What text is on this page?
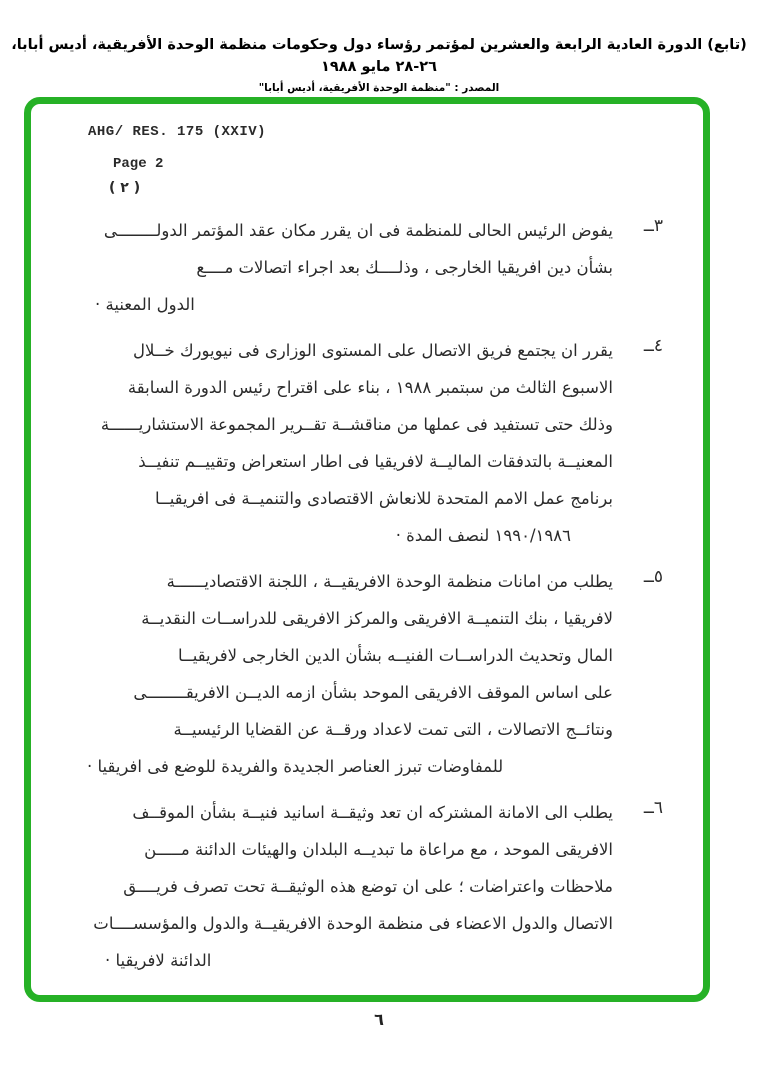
(تابع) الدورة العادية الرابعة والعشرين لمؤتمر رؤساء دول وحكومات منظمة الوحدة الأفريقية، أديس أبابا، ٢٦-٢٨ مايو ١٩٨٨
المصدر : "منظمة الوحدة الأفريقية، أديس أبابا"
AHG/ RES. 175 (XXIV)
Page 2
( ٢ )
٣ــ
يفوض الرئيس الحالى للمنظمة فى ان يقرر مكان عقد المؤتمر الدولــــــــى
بشأن دين افريقيا الخارجى ، وذلــــك بعد اجراء اتصالات مــــع
الدول المعنية ·
٤ــ
يقرر ان يجتمع فريق الاتصال على المستوى الوزارى فى نيويورك خــلال
الاسبوع الثالث من سبتمبر ١٩٨٨ ، بناء على اقتراح رئيس الدورة السابقة
وذلك حتى تستفيد فى عملها من مناقشــة تقــرير المجموعة الاستشاريــــــة
المعنيــة بالتدفقات الماليــة لافريقيا فى اطار استعراض وتقييــم تنفيــذ
برنامج عمل الامم المتحدة للانعاش الاقتصادى والتنميــة فى افريقيــا
١٩٩٠/١٩٨٦ لنصف المدة ·
٥ــ
يطلب من امانات منظمة الوحدة الافريقيــة ، اللجنة الاقتصاديــــــة
لافريقيا ، بنك التنميــة الافريقى والمركز الافريقى للدراســات النقديــة
المال وتحديث الدراســات الفنيــه بشأن الدين الخارجى لافريقيــا
على اساس الموقف الافريقى الموحد بشأن ازمه الديــن الافريقــــــــى
ونتائــج الاتصالات ، التى تمت لاعداد ورقــة عن القضايا الرئيسيــة
للمفاوضات تبرز العناصر الجديدة والفريدة للوضع فى افريقيا ·
٦ــ
يطلب الى الامانة المشتركه ان تعد وثيقــة اسانيد فنيــة بشأن الموقــف
الافريقى الموحد ، مع مراعاة ما تبديــه البلدان والهيئات الدائنة مـــــن
ملاحظات واعتراضات ؛ على ان توضع هذه الوثيقــة تحت تصرف فريــــق
الاتصال والدول الاعضاء فى منظمة الوحدة الافريقيــة والدول والمؤسســــات
الدائنة لافريقيا ·
٦
